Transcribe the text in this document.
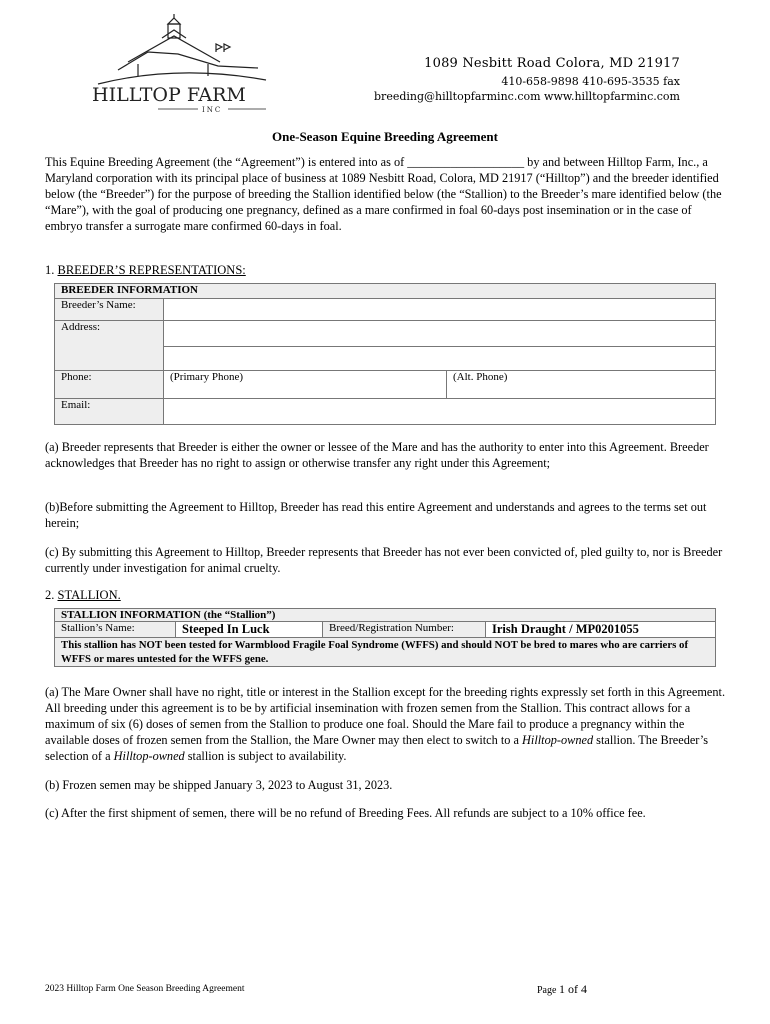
HILLTOP FARM
INC
1089 Nesbitt Road Colora, MD 21917
410-658-9898 410-695-3535 fax
breeding@hilltopfarminc.com www.hilltopfarminc.com
One-Season Equine Breeding Agreement

This Equine Breeding Agreement (the “Agreement”) is entered into as of ___________________ by and between Hilltop Farm, Inc., a Maryland corporation with its principal place of business at 1089 Nesbitt Road, Colora, MD 21917 (“Hilltop”) and the breeder identified below (the “Breeder”) for the purpose of breeding the Stallion identified below (the “Stallion) to the Breeder’s mare identified below (the “Mare”), with the goal of producing one pregnancy, defined as a mare confirmed in foal 60-days post insemination or in the case of embryo transfer a surrogate mare confirmed 60-days in foal.

1. BREEDER’S REPRESENTATIONS:
BREEDER INFORMATION		
Breeder’s Name:		
Address:		

Phone:	(Primary Phone)	(Alt. Phone)
Email:		

(a) Breeder represents that Breeder is either the owner or lessee of the Mare and has the authority to enter into this Agreement. Breeder acknowledges that Breeder has no right to assign or otherwise transfer any right under this Agreement;

(b)Before submitting the Agreement to Hilltop, Breeder has read this entire Agreement and understands and agrees to the terms set out herein;

(c) By submitting this Agreement to Hilltop, Breeder represents that Breeder has not ever been convicted of, pled guilty to, nor is Breeder currently under investigation for animal cruelty.

2. STALLION.
STALLION INFORMATION (the “Stallion”)
Stallion’s Name:	Steeped In Luck	Breed/Registration Number:	Irish Draught / MP0201055
This stallion has NOT been tested for Warmblood Fragile Foal Syndrome (WFFS) and should NOT be bred to mares who are carriers of WFFS or mares untested for the WFFS gene.

(a) The Mare Owner shall have no right, title or interest in the Stallion except for the breeding rights expressly set forth in this Agreement. All breeding under this agreement is to be by artificial insemination with frozen semen from the Stallion. This contract allows for a maximum of six (6) doses of semen from the Stallion to produce one foal. Should the Mare fail to produce a pregnancy within the available doses of frozen semen from the Stallion, the Mare Owner may then elect to switch to a Hilltop-owned stallion. The Breeder’s selection of a Hilltop-owned stallion is subject to availability.

(b) Frozen semen may be shipped January 3, 2023 to August 31, 2023.

(c) After the first shipment of semen, there will be no refund of Breeding Fees. All refunds are subject to a 10% office fee.

2023 Hilltop Farm One Season Breeding Agreement	Page 1 of 4
